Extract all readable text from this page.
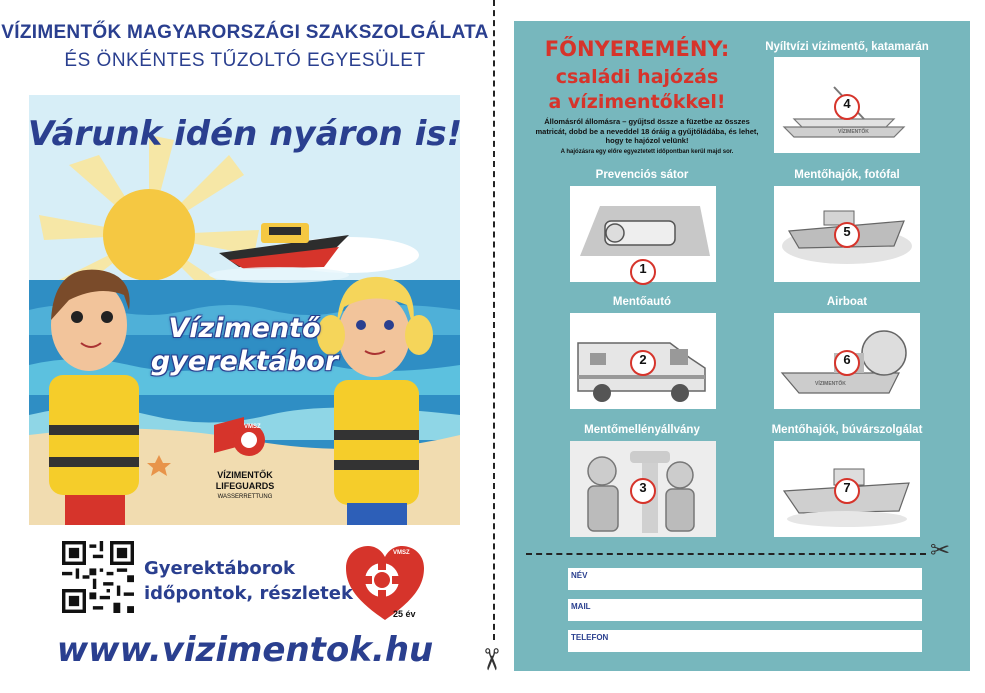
VÍZIMENTŐK MAGYARORSZÁGI SZAKSZOLGÁLATA
ÉS ÖNKÉNTES TŰZOLTÓ EGYESÜLET
Várunk idén nyáron is!
Vízimentő
gyerektábor
VÍZIMENTŐK
LIFEGUARDS
WASSERRETTUNG
VMSZ
Gyerektáborok
időpontok, részletek
VMSZ
25 év
www.vizimentok.hu	✂
FŐNYEREMÉNY:
családi hajózás
a vízimentőkkel!
Állomásról állomásra – gyűjtsd össze a füzetbe az összes matricát, dobd be a neveddel 18 óráig a gyűjtőládába, és lehet, hogy te hajózol velünk!
A hajózásra egy előre egyeztetett időpontban kerül majd sor.
Prevenciós sátor
Mentőautó
Mentőmellényállvány
Nyíltvízi vízimentő, katamarán
Mentőhajók, fotófal
Airboat
Mentőhajók, búvárszolgálat
1
2
3
4
5
6
7
VÍZIMENTŐK
VÍZIMENTŐK
✂
NÉV
MAIL
TELEFON
